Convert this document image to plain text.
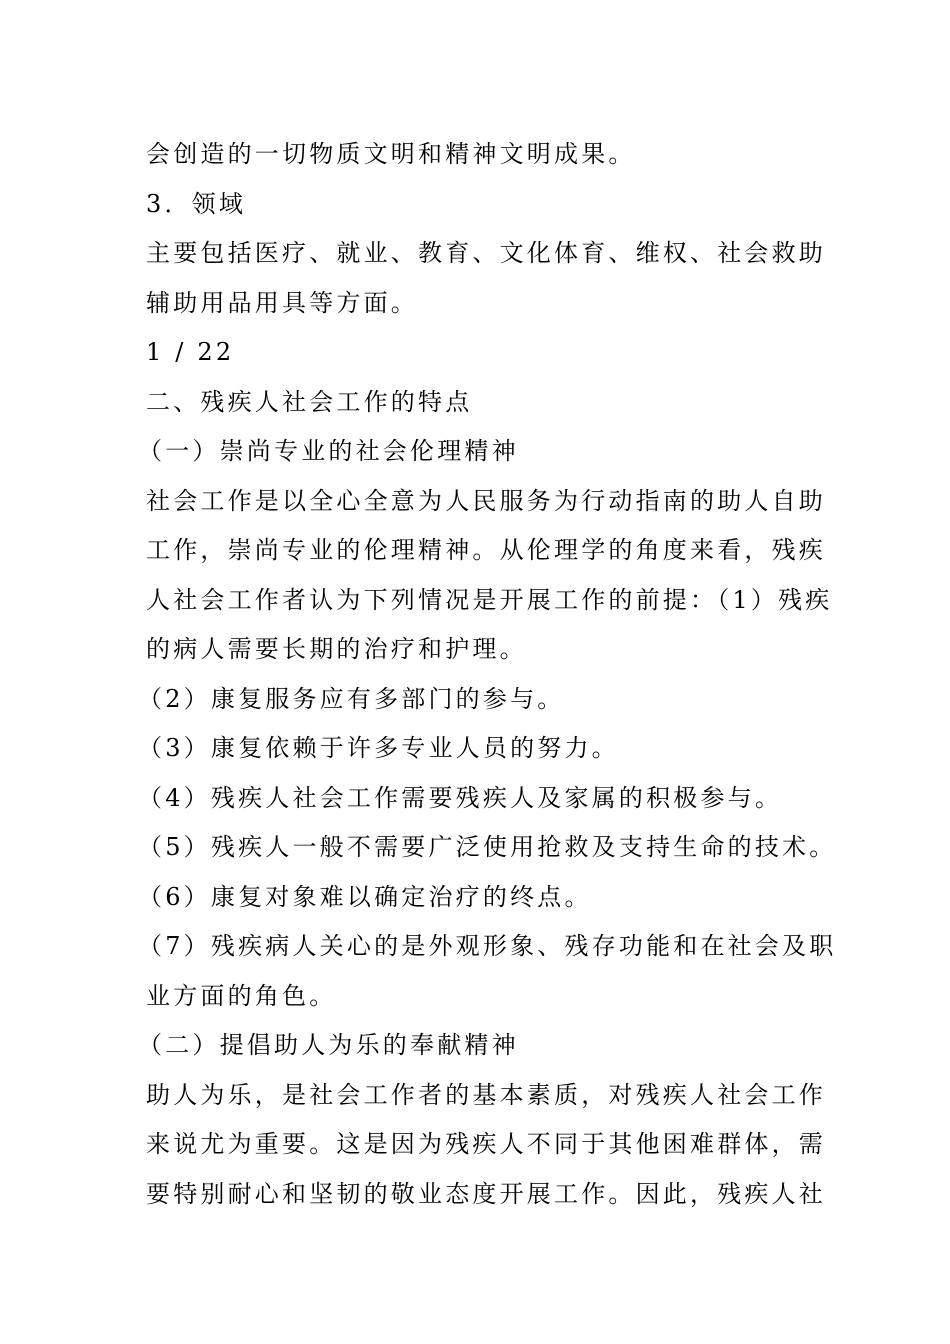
会创造的一切物质文明和精神文明成果。
3．领域
主要包括医疗、就业、教育、文化体育、维权、社会救助
辅助用品用具等方面。
1 / 22
二、残疾人社会工作的特点
（一）崇尚专业的社会伦理精神
社会工作是以全心全意为人民服务为行动指南的助人自助
工作，崇尚专业的伦理精神。从伦理学的角度来看，残疾
人社会工作者认为下列情况是开展工作的前提：（1）残疾
的病人需要长期的治疗和护理。
（2）康复服务应有多部门的参与。
（3）康复依赖于许多专业人员的努力。
（4）残疾人社会工作需要残疾人及家属的积极参与。
（5）残疾人一般不需要广泛使用抢救及支持生命的技术。
（6）康复对象难以确定治疗的终点。
（7）残疾病人关心的是外观形象、残存功能和在社会及职
业方面的角色。
（二）提倡助人为乐的奉献精神
助人为乐，是社会工作者的基本素质，对残疾人社会工作
来说尤为重要。这是因为残疾人不同于其他困难群体，需
要特别耐心和坚韧的敬业态度开展工作。因此，残疾人社
